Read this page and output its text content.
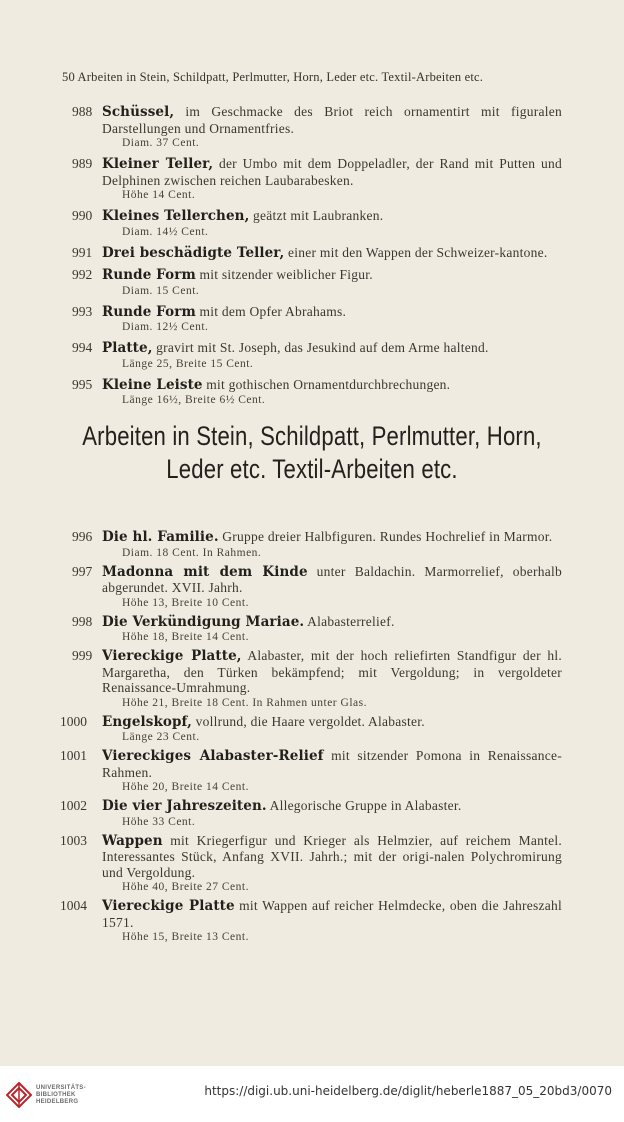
50 Arbeiten in Stein, Schildpatt, Perlmutter, Horn, Leder etc. Textil-Arbeiten etc.
988 Schüssel, im Geschmacke des Briot reich ornamentirt mit figuralen Darstellungen und Ornamentfries.
Diam. 37 Cent.
989 Kleiner Teller, der Umbo mit dem Doppeladler, der Rand mit Putten und Delphinen zwischen reichen Laubarabesken.
Höhe 14 Cent.
990 Kleines Tellerchen, geätzt mit Laubranken.
Diam. 14½ Cent.
991 Drei beschädigte Teller, einer mit den Wappen der Schweizer-kantone.
992 Runde Form mit sitzender weiblicher Figur.
Diam. 15 Cent.
993 Runde Form mit dem Opfer Abrahams.
Diam. 12½ Cent.
994 Platte, gravirt mit St. Joseph, das Jesukind auf dem Arme haltend.
Länge 25, Breite 15 Cent.
995 Kleine Leiste mit gothischen Ornamentdurchbrechungen.
Länge 16½, Breite 6½ Cent.
Arbeiten in Stein, Schildpatt, Perlmutter, Horn,
Leder etc. Textil-Arbeiten etc.
996 Die hl. Familie. Gruppe dreier Halbfiguren. Rundes Hochrelief in Marmor.
Diam. 18 Cent. In Rahmen.
997 Madonna mit dem Kinde unter Baldachin. Marmorrelief, oberhalb abgerundet. XVII. Jahrh.
Höhe 13, Breite 10 Cent.
998 Die Verkündigung Mariae. Alabasterrelief.
Höhe 18, Breite 14 Cent.
999 Viereckige Platte, Alabaster, mit der hoch reliefirten Standfigur der hl. Margaretha, den Türken bekämpfend; mit Vergoldung; in vergoldeter Renaissance-Umrahmung.
Höhe 21, Breite 18 Cent. In Rahmen unter Glas.
1000	Engelskopf, vollrund, die Haare vergoldet. Alabaster.
Länge 23 Cent.
1001	Viereckiges Alabaster-Relief mit sitzender Pomona in Renaissance-Rahmen.
Höhe 20, Breite 14 Cent.
1002	Die vier Jahreszeiten. Allegorische Gruppe in Alabaster.
Höhe 33 Cent.
1003	Wappen mit Kriegerfigur und Krieger als Helmzier, auf reichem Mantel. Interessantes Stück, Anfang XVII. Jahrh.; mit der origi-nalen Polychromirung und Vergoldung.
Höhe 40, Breite 27 Cent.
1004	Viereckige Platte mit Wappen auf reicher Helmdecke, oben die Jahreszahl 1571.
Höhe 15, Breite 13 Cent.
UNIVERSITÄTS-
BIBLIOTHEK
HEIDELBERG
https://digi.ub.uni-heidelberg.de/diglit/heberle1887_05_20bd3/0070
